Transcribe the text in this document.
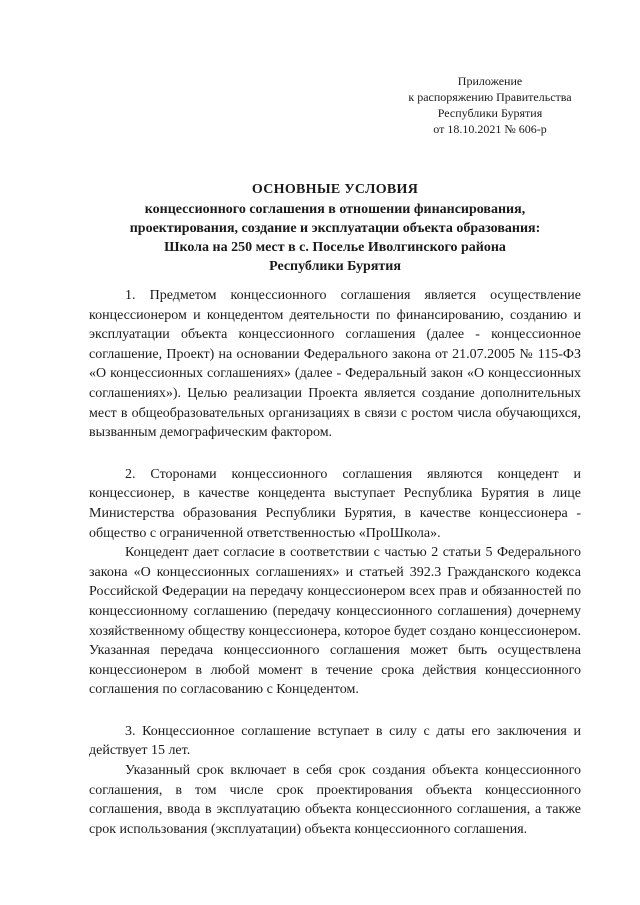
Приложение
к распоряжению Правительства
Республики Бурятия
от 18.10.2021 № 606-р
ОСНОВНЫЕ УСЛОВИЯ
концессионного соглашения в отношении финансирования,
проектирования, создание и эксплуатации объекта образования:
Школа на 250 мест в с. Поселье Иволгинского района
Республики Бурятия

1. Предметом концессионного соглашения является осуществление концессионером и концедентом деятельности по финансированию, созданию и эксплуатации объекта концессионного соглашения (далее - концессионное соглашение, Проект) на основании Федерального закона от 21.07.2005 № 115-ФЗ «О концессионных соглашениях» (далее - Федеральный закон «О концессионных соглашениях»). Целью реализации Проекта является создание дополнительных мест в общеобразовательных организациях в связи с ростом числа обучающихся, вызванным демографическим фактором.

2. Сторонами концессионного соглашения являются концедент и концессионер, в качестве концедента выступает Республика Бурятия в лице Министерства образования Республики Бурятия, в качестве концессионера - общество с ограниченной ответственностью «ПроШкола».

Концедент дает согласие в соответствии с частью 2 статьи 5 Федерального закона «О концессионных соглашениях» и статьей 392.3 Гражданского кодекса Российской Федерации на передачу концессионером всех прав и обязанностей по концессионному соглашению (передачу концессионного соглашения) дочернему хозяйственному обществу концессионера, которое будет создано концессионером. Указанная передача концессионного соглашения может быть осуществлена концессионером в любой момент в течение срока действия концессионного соглашения по согласованию с Концедентом.

3. Концессионное соглашение вступает в силу с даты его заключения и действует 15 лет.

Указанный срок включает в себя срок создания объекта концессионного соглашения, в том числе срок проектирования объекта концессионного соглашения, ввода в эксплуатацию объекта концессионного соглашения, а также срок использования (эксплуатации) объекта концессионного соглашения.
